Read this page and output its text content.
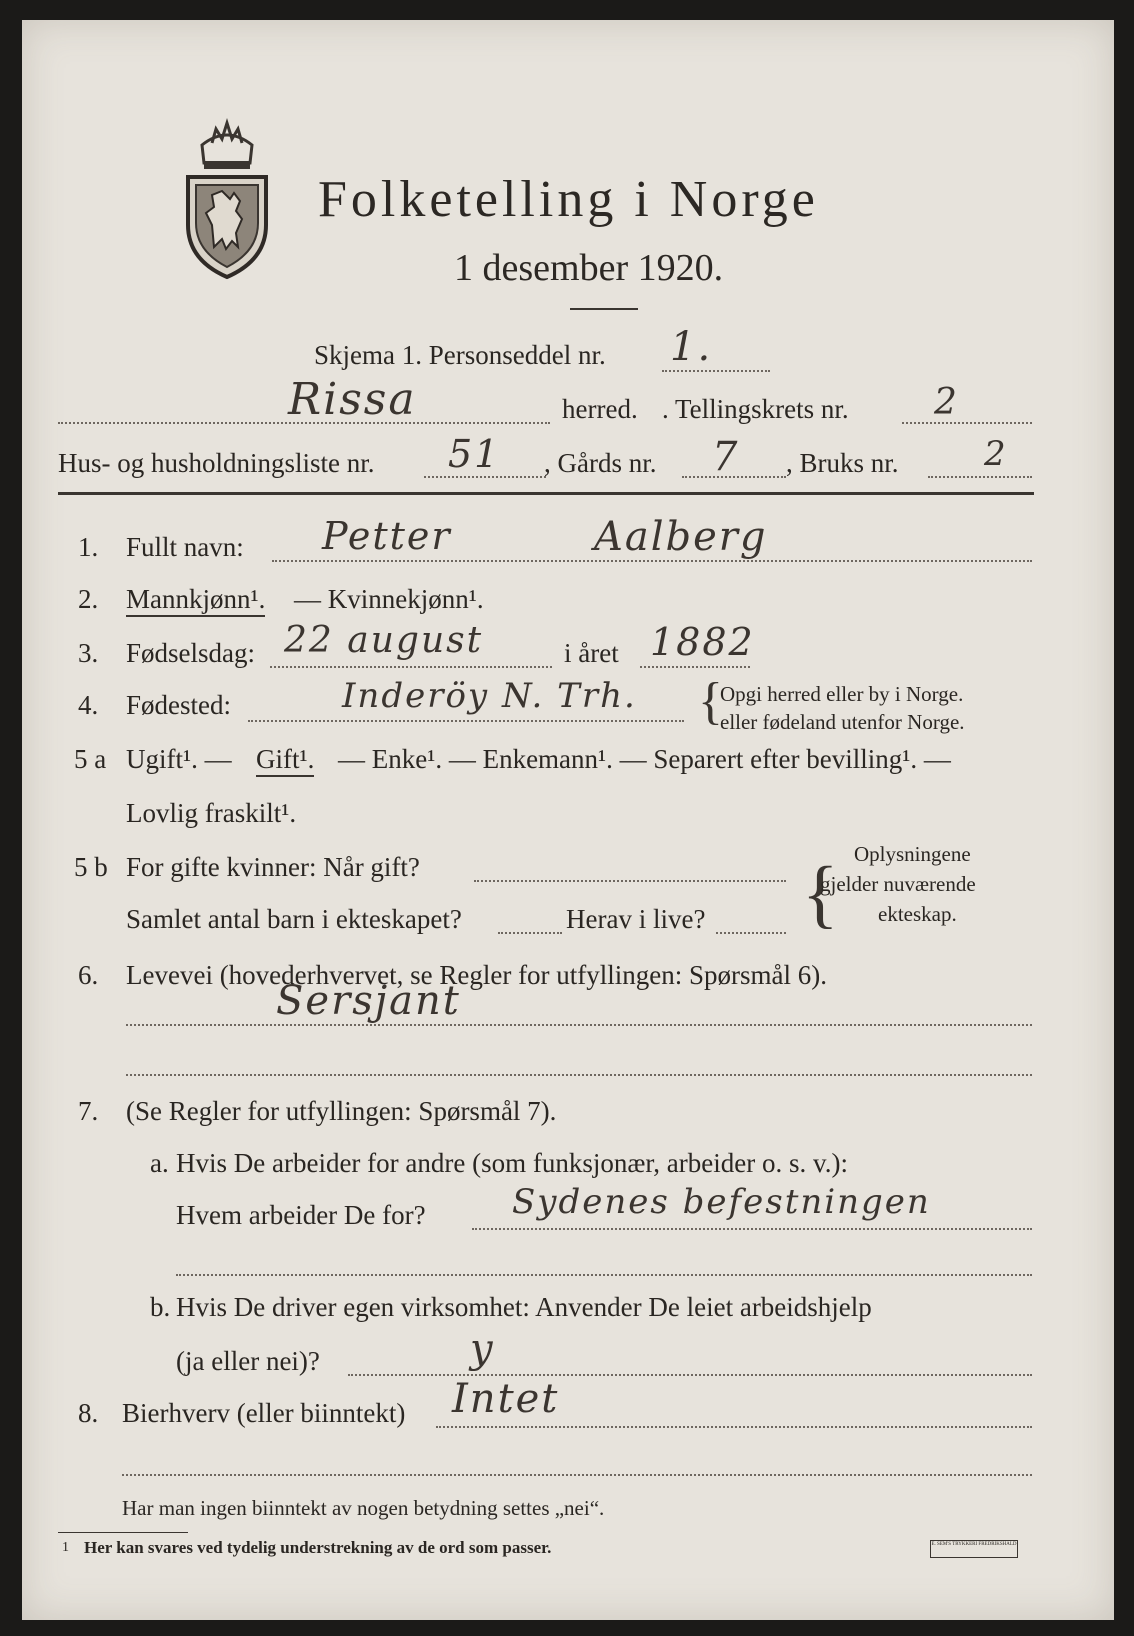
Folketelling i Norge
1 desember 1920.
Skjema 1. Personseddel nr. 1.
Rissa	herred. . Tellingskrets nr. 2
Hus- og husholdningsliste nr. 51 , Gårds nr. 7 , Bruks nr.	2
1. Fullt navn: Petter	Aalberg
2. Mannkjønn¹. — Kvinnekjønn¹.
3. Fødselsdag: 22 august	i året 1882
4. Fødested:	Inderöy N. Trh. {
Opgi herred eller by i Norge.
eller fødeland utenfor Norge.
5 a Ugift¹. — Gift¹. — Enke¹. — Enkemann¹. — Separert efter bevilling¹. —
Lovlig fraskilt¹.
5 b For gifte kvinner: Når gift?
Samlet antal barn i ekteskapet?	Herav i live? { Oplysningene
gjelder nuværende
ekteskap.
6. Levevei (hovederhvervet, se Regler for utfyllingen: Spørsmål 6).
Sersjant
7. (Se Regler for utfyllingen: Spørsmål 7).
a. Hvis De arbeider for andre (som funksjonær, arbeider o. s. v.):
Hvem arbeider De for?	Sydenes befestningen
b. Hvis De driver egen virksomhet: Anvender De leiet arbeidshjelp
(ja eller nei)?	y
8. Bierhverv (eller biinntekt) Intet
Har man ingen biinntekt av nogen betydning settes „nei“.
1 Her kan svares ved tydelig understrekning av de ord som passer.	E. SEM'S TRYKKERI FREDRIKSHALD
